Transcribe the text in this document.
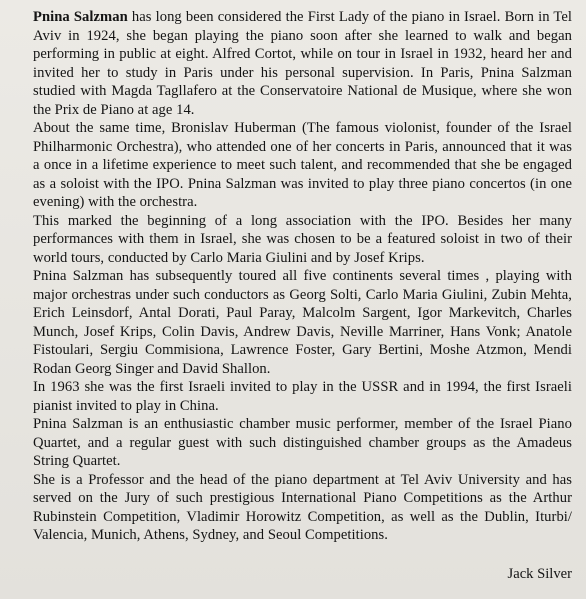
Pnina Salzman has long been considered the First Lady of the piano in Israel. Born in Tel Aviv in 1924, she began playing the piano soon after she learned to walk and began performing in public at eight. Alfred Cortot, while on tour in Israel in 1932, heard her and invited her to study in Paris under his personal supervision. In Paris, Pnina Salzman studied with Magda Tagllafero at the Conservatoire National de Musique, where she won the Prix de Piano at age 14.

About the same time, Bronislav Huberman (The famous violonist, founder of the Israel Philharmonic Orchestra), who attended one of her concerts in Paris, announced that it was a once in a lifetime experience to meet such talent, and recommended that she be engaged as a soloist with the IPO. Pnina Salzman was invited to play three piano concertos (in one evening) with the orchestra.

This marked the beginning of a long association with the IPO. Besides her many performances with them in Israel, she was chosen to be a featured soloist in two of their world tours, conducted by Carlo Maria Giulini and by Josef Krips.

Pnina Salzman has subsequently toured all five continents several times , playing with major orchestras under such conductors as Georg Solti, Carlo Maria Giulini, Zubin Mehta, Erich Leinsdorf, Antal Dorati, Paul Paray, Malcolm Sargent, Igor Markevitch, Charles Munch, Josef Krips, Colin Davis, Andrew Davis, Neville Marriner, Hans Vonk; Anatole Fistoulari, Sergiu Commisiona, Lawrence Foster, Gary Bertini, Moshe Atzmon, Mendi Rodan Georg Singer and David Shallon.

In 1963 she was the first Israeli invited to play in the USSR and in 1994, the first Israeli pianist invited to play in China.

Pnina Salzman is an enthusiastic chamber music performer, member of the Israel Piano Quartet, and a regular guest with such distinguished chamber groups as the Amadeus String Quartet.

She is a Professor and the head of the piano department at Tel Aviv University and has served on the Jury of such prestigious International Piano Competitions as the Arthur Rubinstein Competition, Vladimir Horowitz Competition, as well as the Dublin, Iturbi/ Valencia, Munich, Athens, Sydney, and Seoul Competitions.

Jack Silver
